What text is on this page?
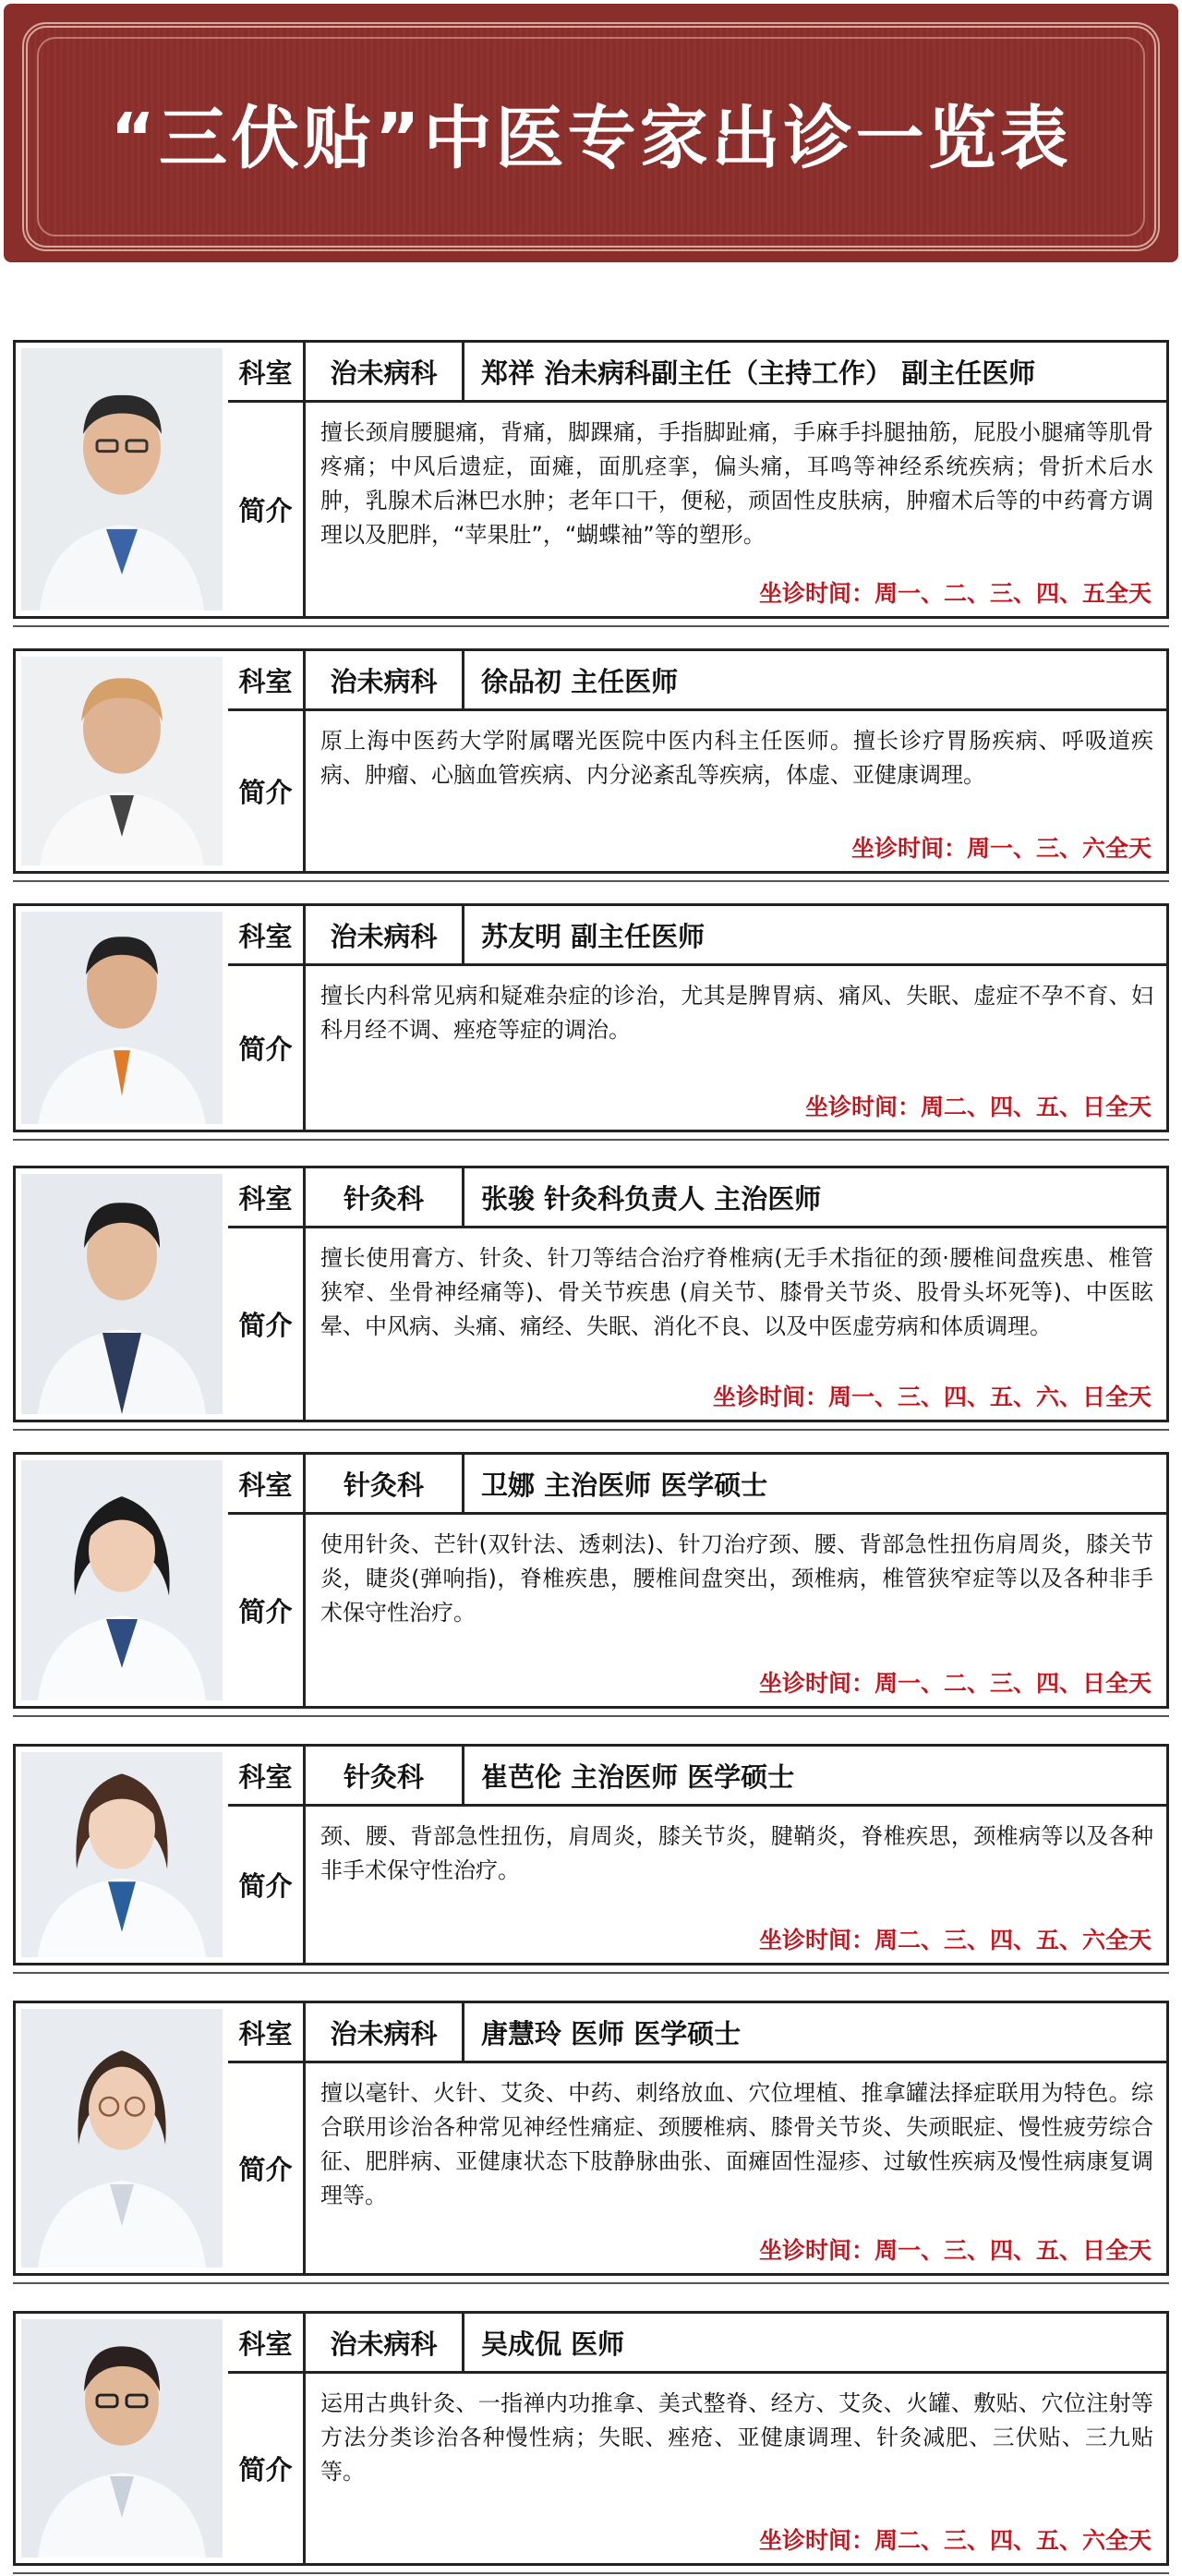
“三伏贴”中医专家出诊一览表
科室	治未病科	郑祥 治未病科副主任（主持工作） 副主任医师
简介
擅长颈肩腰腿痛，背痛，脚踝痛，手指脚趾痛，手麻手抖腿抽筋，屁股小腿痛等肌骨疼痛；中风后遗症，面瘫，面肌痉挛，偏头痛，耳鸣等神经系统疾病；骨折术后水肿，乳腺术后淋巴水肿；老年口干，便秘，顽固性皮肤病，肿瘤术后等的中药膏方调理以及肥胖，“苹果肚”，“蝴蝶袖”等的塑形。
坐诊时间：周一、二、三、四、五全天
科室	治未病科	徐品初 主任医师
简介
原上海中医药大学附属曙光医院中医内科主任医师。擅长诊疗胃肠疾病、呼吸道疾病、肿瘤、心脑血管疾病、内分泌紊乱等疾病，体虚、亚健康调理。
坐诊时间：周一、三、六全天
科室	治未病科	苏友明 副主任医师
简介
擅长内科常见病和疑难杂症的诊治，尤其是脾胃病、痛风、失眠、虚症不孕不育、妇科月经不调、痤疮等症的调治。
坐诊时间：周二、四、五、日全天
科室	针灸科	张骏 针灸科负责人 主治医师
简介
擅长使用膏方、针灸、针刀等结合治疗脊椎病(无手术指征的颈·腰椎间盘疾患、椎管狭窄、坐骨神经痛等)、骨关节疾患 (肩关节、膝骨关节炎、股骨头坏死等)、中医眩晕、中风病、头痛、痛经、失眠、消化不良、以及中医虚劳病和体质调理。
坐诊时间：周一、三、四、五、六、日全天
科室	针灸科	卫娜 主治医师 医学硕士
简介
使用针灸、芒针(双针法、透刺法)、针刀治疗颈、腰、背部急性扭伤肩周炎，膝关节炎，睫炎(弹响指)，脊椎疾患，腰椎间盘突出，颈椎病，椎管狭窄症等以及各种非手术保守性治疗。
坐诊时间：周一、二、三、四、日全天
科室	针灸科	崔芭伦 主治医师 医学硕士
简介
颈、腰、背部急性扭伤，肩周炎，膝关节炎，腱鞘炎，脊椎疾思，颈椎病等以及各种非手术保守性治疗。
坐诊时间：周二、三、四、五、六全天
科室	治未病科	唐慧玲 医师 医学硕士
简介
擅以毫针、火针、艾灸、中药、刺络放血、穴位埋植、推拿罐法择症联用为特色。综合联用诊治各种常见神经性痛症、颈腰椎病、膝骨关节炎、失顽眠症、慢性疲劳综合征、肥胖病、亚健康状态下肢静脉曲张、面瘫固性湿疹、过敏性疾病及慢性病康复调理等。
坐诊时间：周一、三、四、五、日全天
科室	治未病科	吴成侃 医师
简介
运用古典针灸、一指禅内功推拿、美式整脊、经方、艾灸、火罐、敷贴、穴位注射等方法分类诊治各种慢性病；失眠、痤疮、亚健康调理、针灸减肥、三伏贴、三九贴等。
坐诊时间：周二、三、四、五、六全天
